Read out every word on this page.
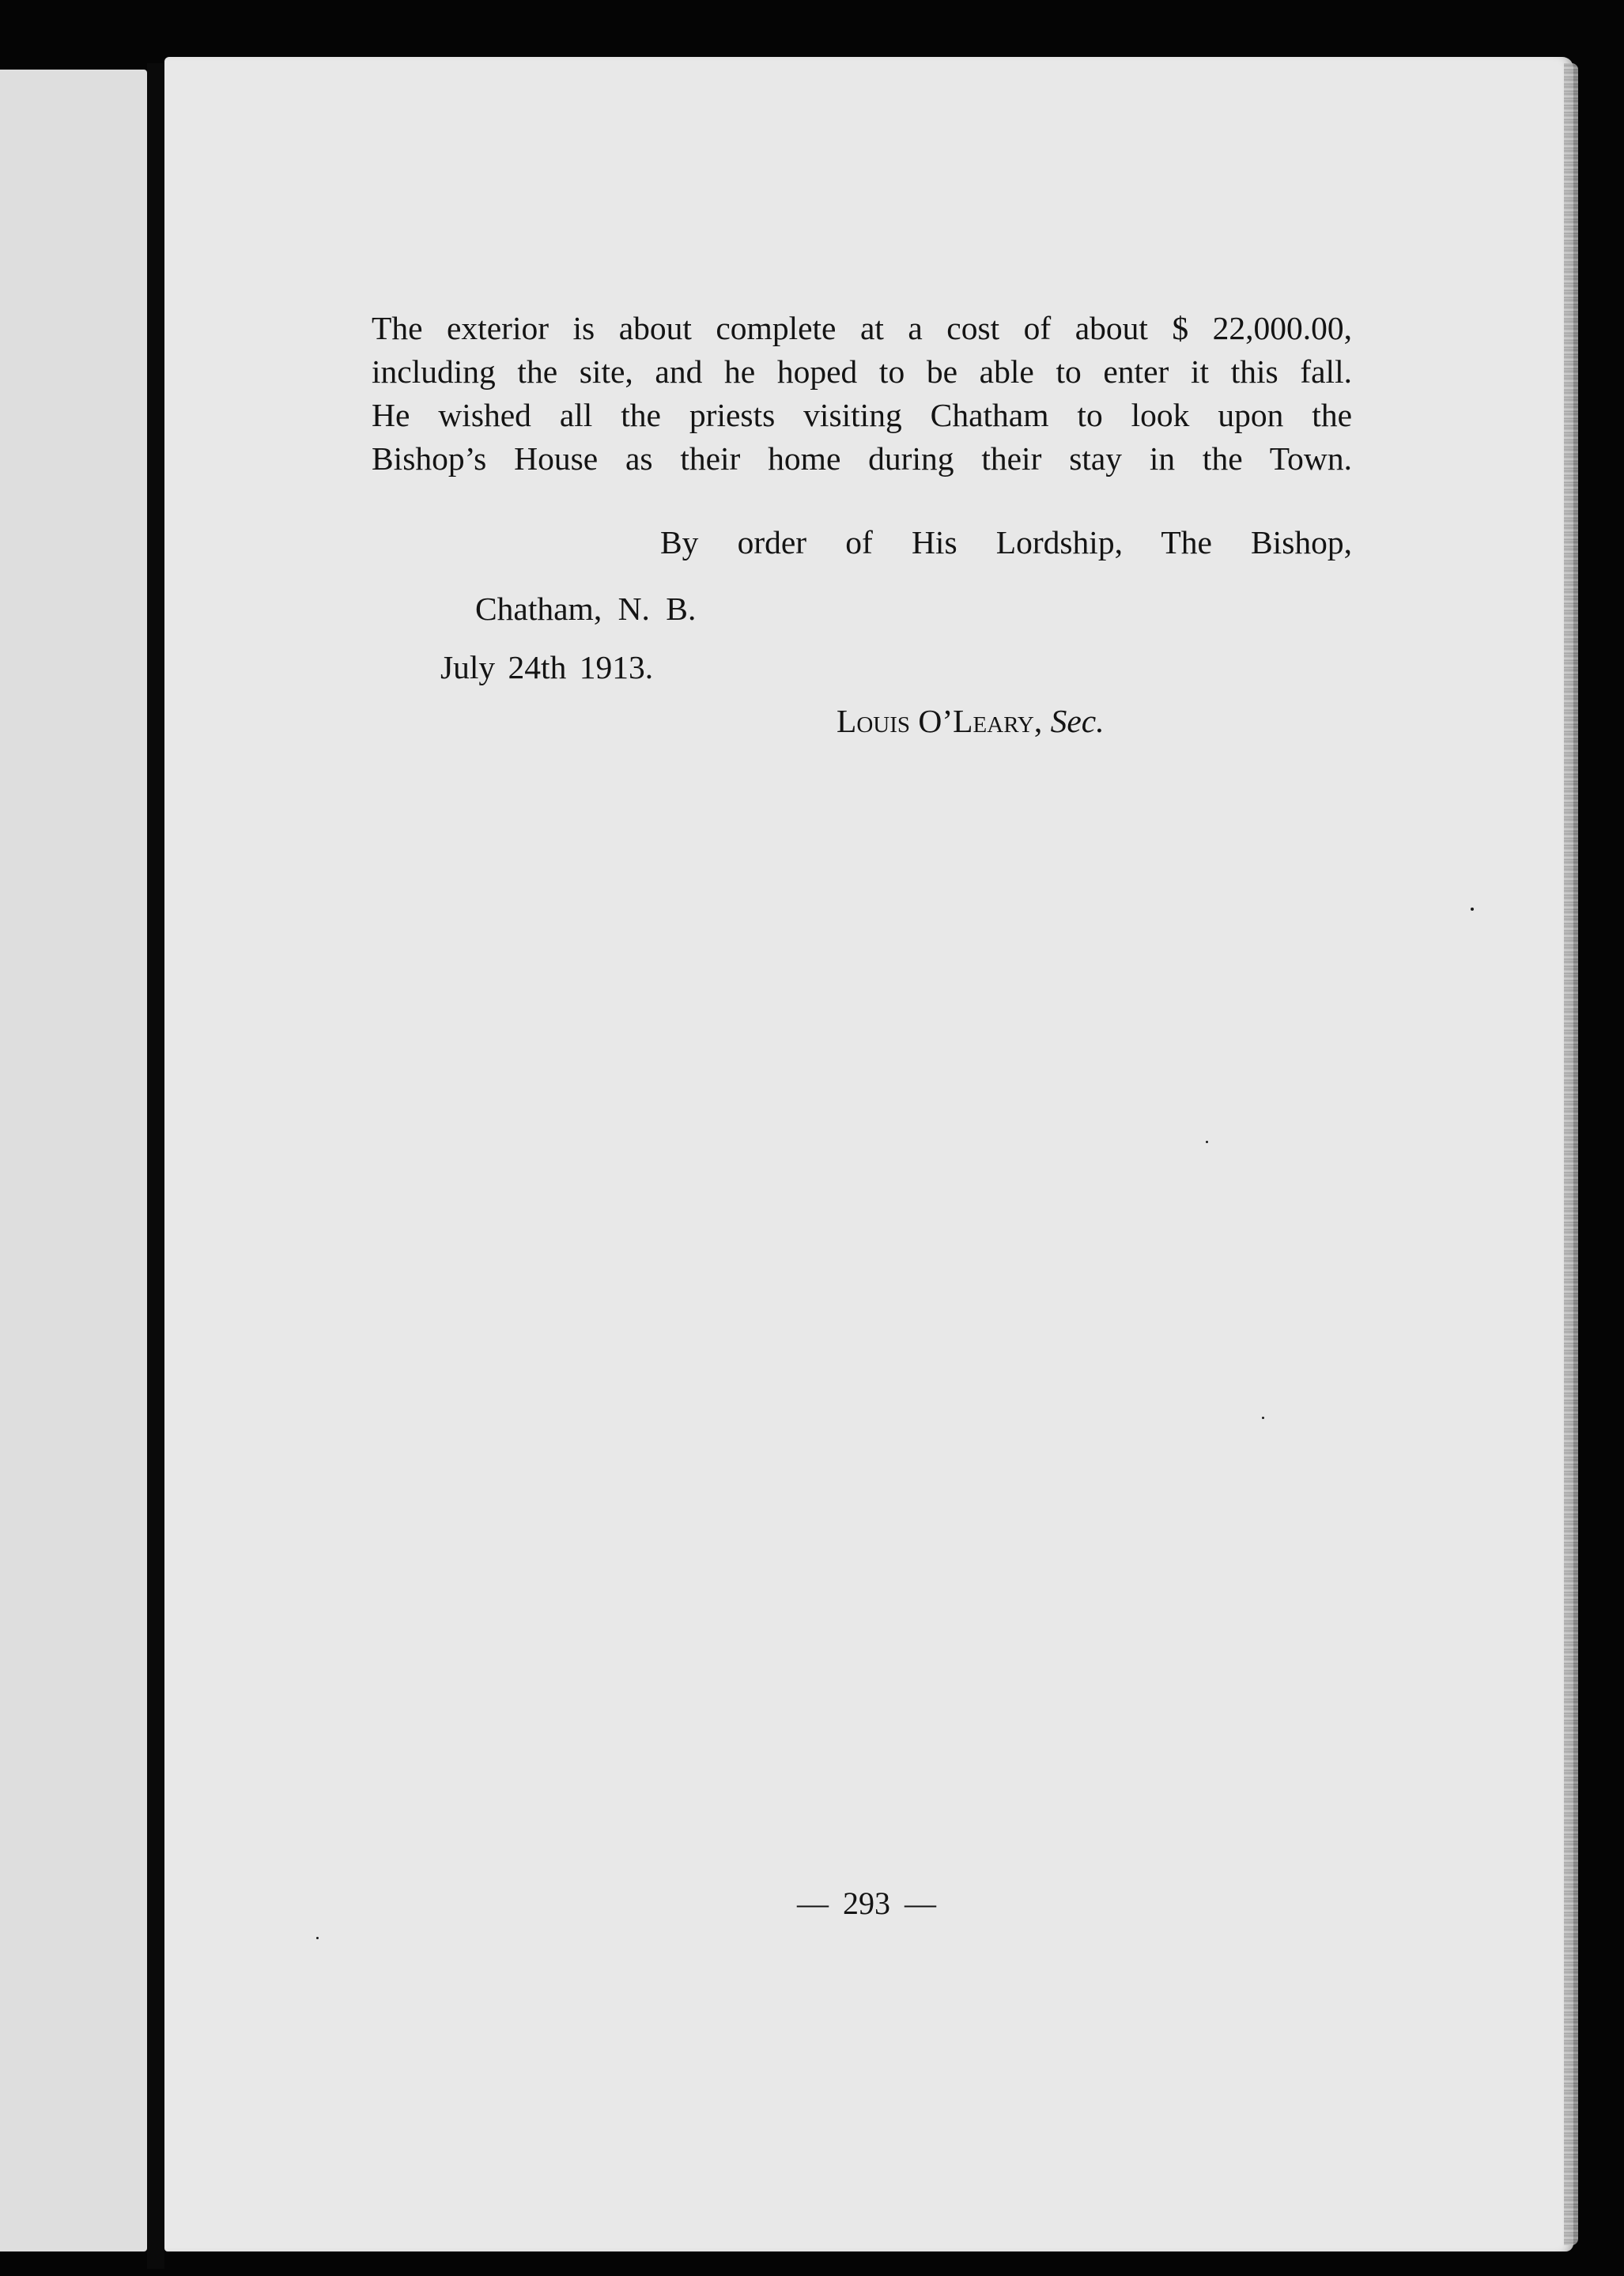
The exterior is about complete at a cost of about $ 22,000.00,
including the site, and he hoped to be able to enter it this fall.
He wished all the priests visiting Chatham to look upon the
Bishop’s House as their home during their stay in the Town.
By order of His Lordship, The Bishop,
Chatham, N. B.
July 24th 1913.
Louis O’Leary, Sec.
— 293 —
